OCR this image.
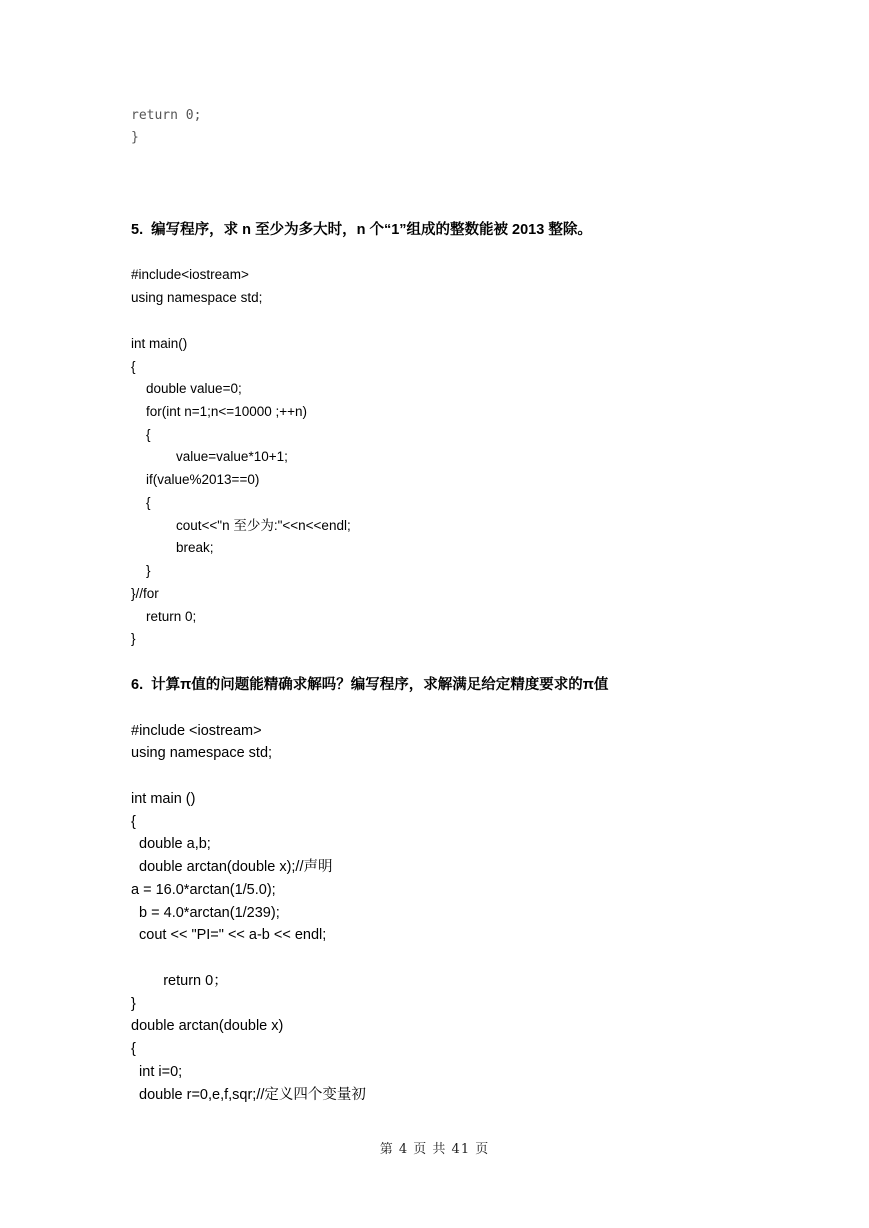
return 0;
}
5.  编写程序，求 n 至少为多大时，n 个“1”组成的整数能被 2013 整除。
#include<iostream>
using namespace std;
int main()
{
double value=0;
for(int n=1;n<=10000 ;++n)
{
value=value*10+1;
if(value%2013==0)
{
cout<<"n 至少为:"<<n<<endl;
break;
}
}//for
return 0;
}
6.  计算π值的问题能精确求解吗？编写程序，求解满足给定精度要求的π值
#include <iostream>
using namespace std;
int main ()
{
double a,b;
double arctan(double x);//声明
a = 16.0*arctan(1/5.0);
b = 4.0*arctan(1/239);
cout << "PI=" << a-b << endl;
return 0；
}
double arctan(double x)
{
int i=0;
double r=0,e,f,sqr;//定义四个变量初
第 4 页 共 41 页
